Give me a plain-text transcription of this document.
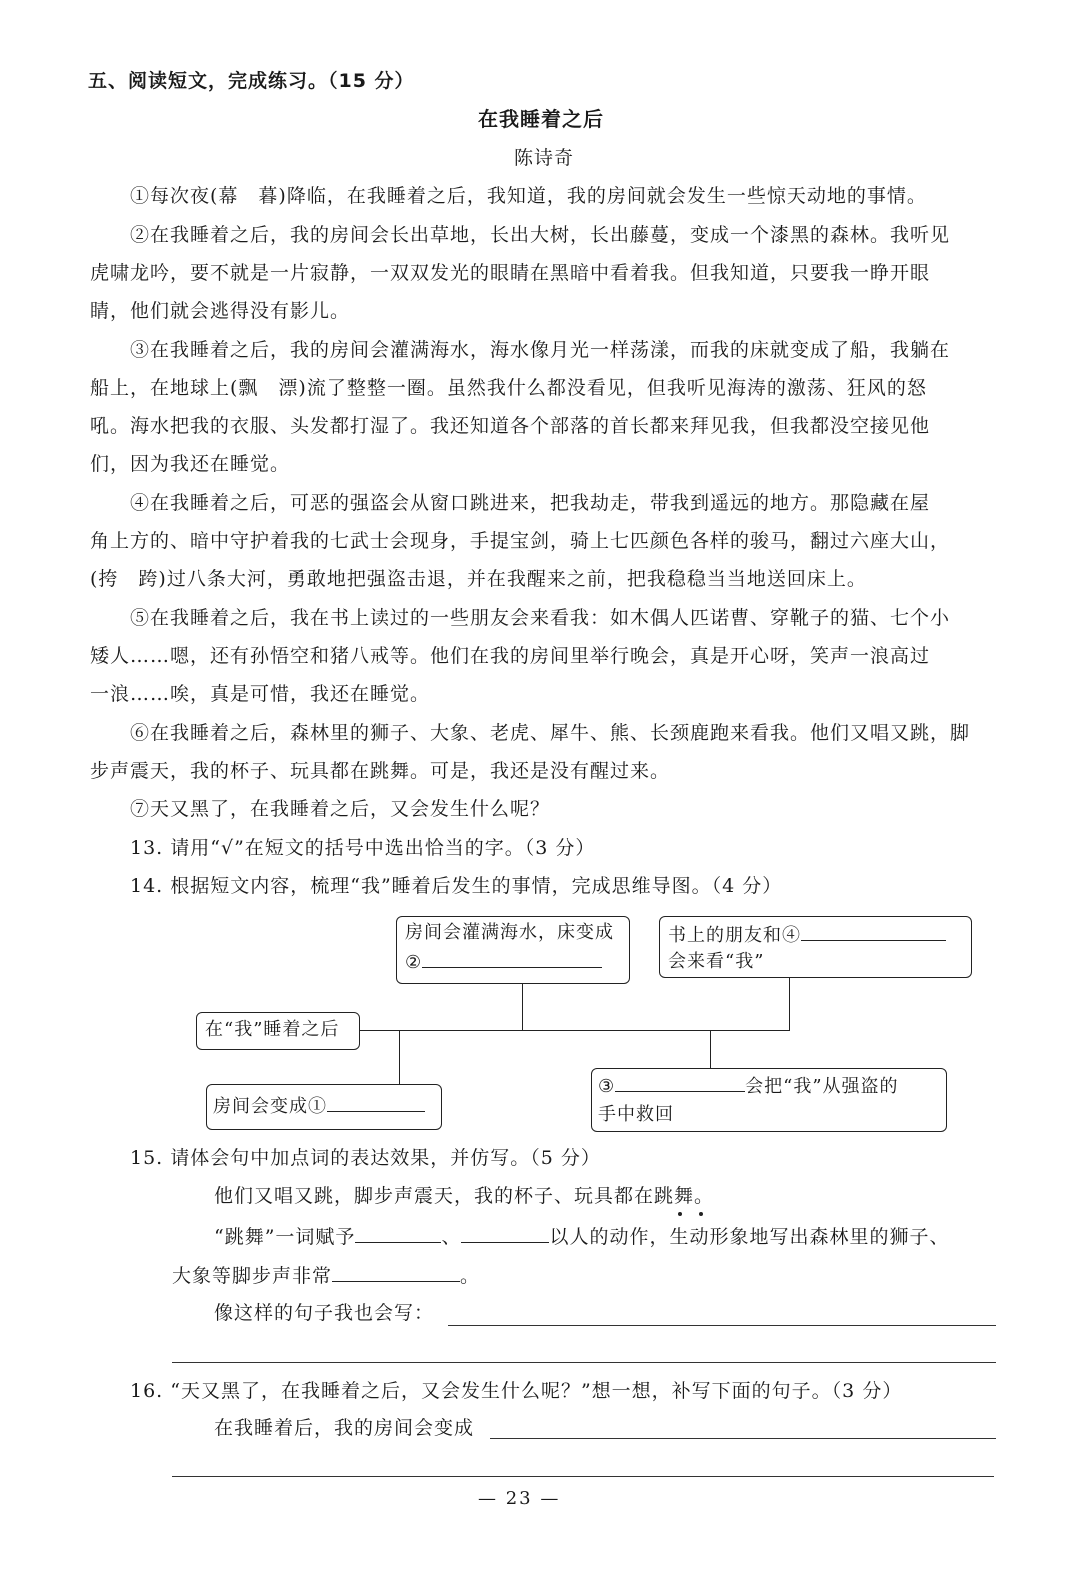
五、阅读短文，完成练习。（15 分）
在我睡着之后
陈诗奇
①每次夜(幕　暮)降临，在我睡着之后，我知道，我的房间就会发生一些惊天动地的事情。
②在我睡着之后，我的房间会长出草地，长出大树，长出藤蔓，变成一个漆黑的森林。我听见
虎啸龙吟，要不就是一片寂静，一双双发光的眼睛在黑暗中看着我。但我知道，只要我一睁开眼
睛，他们就会逃得没有影儿。
③在我睡着之后，我的房间会灌满海水，海水像月光一样荡漾，而我的床就变成了船，我躺在
船上，在地球上(飘　漂)流了整整一圈。虽然我什么都没看见，但我听见海涛的激荡、狂风的怒
吼。海水把我的衣服、头发都打湿了。我还知道各个部落的首长都来拜见我，但我都没空接见他
们，因为我还在睡觉。
④在我睡着之后，可恶的强盗会从窗口跳进来，把我劫走，带我到遥远的地方。那隐藏在屋
角上方的、暗中守护着我的七武士会现身，手提宝剑，骑上七匹颜色各样的骏马，翻过六座大山，
(挎　跨)过八条大河，勇敢地把强盗击退，并在我醒来之前，把我稳稳当当地送回床上。
⑤在我睡着之后，我在书上读过的一些朋友会来看我：如木偶人匹诺曹、穿靴子的猫、七个小
矮人……嗯，还有孙悟空和猪八戒等。他们在我的房间里举行晚会，真是开心呀，笑声一浪高过
一浪……唉，真是可惜，我还在睡觉。
⑥在我睡着之后，森林里的狮子、大象、老虎、犀牛、熊、长颈鹿跑来看我。他们又唱又跳，脚
步声震天，我的杯子、玩具都在跳舞。可是，我还是没有醒过来。
⑦天又黑了，在我睡着之后，又会发生什么呢？
13. 请用“√”在短文的括号中选出恰当的字。（3 分）
14. 根据短文内容，梳理“我”睡着后发生的事情，完成思维导图。（4 分）
房间会灌满海水，床变成
②
书上的朋友和④
会来看“我”
在“我”睡着之后
房间会变成①
③	会把“我”从强盗的
手中救回
15. 请体会句中加点词的表达效果，并仿写。（5 分）
他们又唱又跳，脚步声震天，我的杯子、玩具都在跳舞。
“跳舞”一词赋予	、	以人的动作，生动形象地写出森林里的狮子、
大象等脚步声非常	。
像这样的句子我也会写：
16. “天又黑了，在我睡着之后，又会发生什么呢？”想一想，补写下面的句子。（3 分）
在我睡着后，我的房间会变成
— 23 —
